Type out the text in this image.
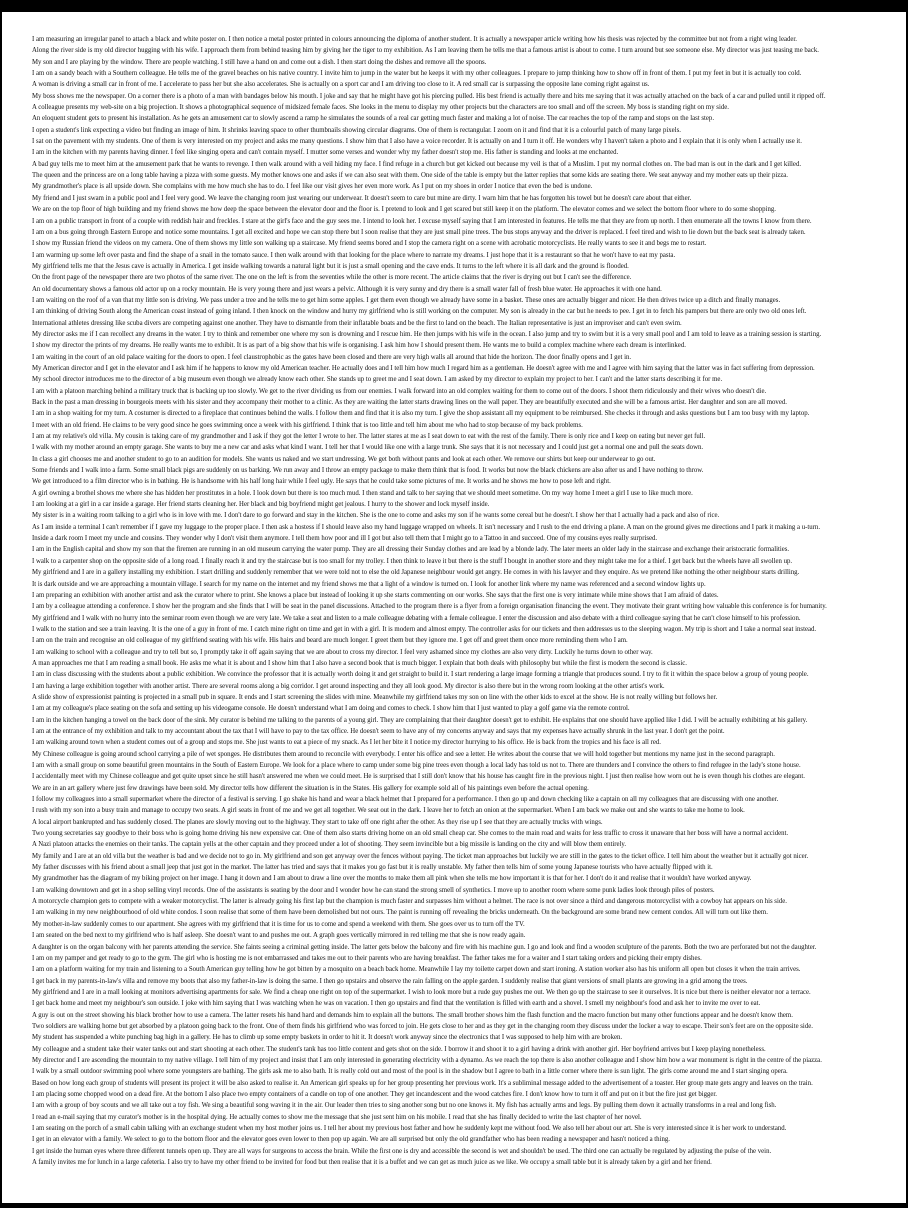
I am measuring an irregular panel to attach a black and white poster on. I then notice a metal poster printed in colours announcing the diploma of another student. It is actually a newspaper article writing how his thesis was rejected by the committee but not from a right wing leader.
Along the river side is my old director hugging with his wife. I approach them from behind teasing him by giving her the tiger to my exhibition. As I am leaving them he tells me that a famous artist is about to come. I turn around but see someone else. My director was just teasing me back.
My son and I are playing by the window. There are people watching. I still have a hand on and come out a dish. I then start doing the dishes and remove all the spoons.
I am on a sandy beach with a Southern colleague. He tells me of the gravel beaches on his native country. I invite him to jump in the water but he keeps it with my other colleagues. I prepare to jump thinking how to show off in front of them. I put my feet in but it is actually too cold.
A woman is driving a small car in front of me. I accelerate to pass her but she also accelerates. She is actually on a sport car and I am driving too close to it. A red small car is surpassing the opposite lane coming right against us.
My boss shows me the newspaper. On a corner there is a photo of a man with bandages below his mouth. I joke and say that he might have got his piercing pulled. His best friend is actually there and hits me saying that it was actually attached on the back of a car and pulled until it ripped off.
A colleague presents my web-site on a big projection. It shows a photographical sequence of midsized female faces. She looks in the menu to display my other projects but the characters are too small and off the screen. My boss is standing right on my side.
An eloquent student gets to present his installation. As he gets an amusement car to slowly ascend a ramp he simulates the sounds of a real car getting much faster and making a lot of noise. The car reaches the top of the ramp and stops on the last step.
I open a student's link expecting a video but finding an image of him. It shrinks leaving space to other thumbnails showing circular diagrams. One of them is rectangular. I zoom on it and find that it is a colourful patch of many large pixels.
I sat on the pavement with my students. One of them is very interested on my project and asks me many questions. I show him that I also have a voice recorder. It is actually on and I turn it off. He wonders why I haven't taken a photo and I explain that it is only when I actually use it.
I am in the kitchen with my parents having dinner. I feel like singing opera and can't contain myself. I mutter some verses and wonder why my father doesn't stop me. His father is standing and looks at me enchanted.
A bad guy tells me to meet him at the amusement park that he wants to revenge. I then walk around with a veil hiding my face. I find refuge in a church but get kicked out because my veil is that of a Muslim. I put my normal clothes on. The bad man is out in the dark and I get killed.
The queen and the princess are on a long table having a pizza with some guests. My mother knows one and asks if we can also seat with them. One side of the table is empty but the latter replies that some kids are seating there. We seat anyway and my mother eats up their pizza.
My grandmother's place is all upside down. She complains with me how much she has to do. I feel like our visit gives her even more work. As I put on my shoes in order I notice that even the bed is undone.
My friend and I just swam in a public pool and I feel very good. We leave the changing room just wearing our underwear. It doesn't seem to care but mine are dirty. I warn him that he has forgotten his towel but he doesn't care about that either.
We are on the top floor of high building and my friend shows me how deep the space between the elevator door and the floor is. I pretend to look and I get scared but still keep it on the platform. The elevator comes and we select the bottom floor where to do some shopping.
I am on a public transport in front of a couple with reddish hair and freckles. I stare at the girl's face and the guy sees me. I intend to look her. I excuse myself saying that I am interested in features. He tells me that they are from up north. I then enumerate all the towns I know from there.
I am on a bus going through Eastern Europe and notice some mountains. I get all excited and hope we can stop there but I soon realise that they are just small pine trees. The bus stops anyway and the driver is replaced. I feel tired and wish to lie down but the back seat is already taken.
I show my Russian friend the videos on my camera. One of them shows my little son walking up a staircase. My friend seems bored and I stop the camera right on a scene with acrobatic motorcyclists. He really wants to see it and begs me to restart.
I am warming up some left over pasta and find the shape of a snail in the tomato sauce. I then walk around with that looking for the place where to narrate my dreams. I just hope that it is a restaurant so that he won't have to eat my pasta.
My girlfriend tells me that the Jesus cave is actually in America. I get inside walking towards a natural light but it is just a small opening and the cave ends. It turns to the left where it is all dark and the ground is flooded.
On the front page of the newspaper there are two photos of the same river. The one on the left is from the seventies while the other is more recent. The article claims that the river is drying out but I can't see the difference.
An old documentary shows a famous old actor up on a rocky mountain. He is very young there and just wears a pelvic. Although it is very sunny and dry there is a small water fall of fresh blue water. He approaches it with one hand.
I am waiting on the roof of a van that my little son is driving. We pass under a tree and he tells me to get him some apples. I get them even though we already have some in a basket. These ones are actually bigger and nicer. He then drives twice up a ditch and finally manages.
I am thinking of driving South along the American coast instead of going inland. I then knock on the window and hurry my girlfriend who is still working on the computer. My son is already in the car but he needs to pee. I get in to fetch his pampers but there are only two old ones left.
International athletes dressing like scuba divers are competing against one another. They have to dismantle from their inflatable boats and be the first to land on the beach. The Italian representative is just an improviser and can't even swim.
My director asks me if I can recollect any dreams in the water. I try to think and remember one where my son is drowning and I rescue him. He then jumps with his wife in the ocean. I also jump and try to swim but it is a very small pool and I am told to leave as a training session is starting.
I show my director the prints of my dreams. He really wants me to exhibit. It is as part of a big show that his wife is organising. I ask him how I should present them. He wants me to build a complex machine where each dream is interlinked.
I am waiting in the court of an old palace waiting for the doors to open. I feel claustrophobic as the gates have been closed and there are very high walls all around that hide the horizon. The door finally opens and I get in.
My American director and I get in the elevator and I ask him if he happens to know my old American teacher. He actually does and I tell him how much I regard him as a gentleman. He doesn't agree with me and I agree with him saying that the latter was in fact suffering from depression.
My school director introduces me to the director of a big museum even though we already know each other. She stands up to greet me and I seat down. I am asked by my director to explain my project to her. I can't and the latter starts describing it for me.
I am with a platoon marching behind a military truck that is backing up too slowly. We get to the river dividing us from our enemies. I walk forward into an old complex waiting for them to come out of the doors. I shoot them ridiculously and their wives who doesn't die.
Back in the past a man dressing in bourgeois meets with his sister and they accompany their mother to a clinic. As they are waiting the latter starts drawing lines on the wall paper. They are beautifully executed and she will be a famous artist. Her daughter and son are all moved.
I am in a shop waiting for my turn. A costumer is directed to a fireplace that continues behind the walls. I follow them and find that it is also my turn. I give the shop assistant all my equipment to be reimbursed. She checks it through and asks questions but I am too busy with my laptop.
I meet with an old friend. He claims to be very good since he goes swimming once a week with his girlfriend. I think that is too little and tell him about me who had to stop because of my back problems.
I am at my relative's old villa. My cousin is taking care of my grandmother and I ask if they got the letter I wrote to her. The latter stares at me as I seat down to eat with the rest of the family. There is only rice and I keep on eating but never get full.
I walk with my mother around an empty garage. She wants to buy me a new car and asks what kind I want. I tell her that I would like one with a large trunk. She says that it is not necessary and I could just get a normal one and pull the seats down.
In class a girl chooses me and another student to go to an audition for models. She wants us naked and we start undressing. We get both without pants and look at each other. We remove our shirts but keep our underwear to go out.
Some friends and I walk into a farm. Some small black pigs are suddenly on us barking. We run away and I throw an empty package to make them think that is food. It works but now the black chickens are also after us and I have nothing to throw.
We get introduced to a film director who is in bathing. He is handsome with his half long hair while I feel ugly. He says that he could take some pictures of me. It works and he shows me how to pose left and right.
A girl owning a brothel shows me where she has hidden her prostitutes in a hole. I look down but there is too much mud. I then stand and talk to her saying that we should meet sometime. On my way home I meet a girl I use to like much more.
I am looking at a girl in a car inside a garage. Her friend starts cleaning her. Her black and big boyfriend might get jealous. I hurry to the shower and lock myself inside.
My sister is in a waiting room talking to a girl who is in love with me. I don't dare to go forward and stay in the kitchen. She is the one to come and asks my son if he wants some cereal but he doesn't. I show her that I actually had a pack and also of rice.
As I am inside a terminal I can't remember if I gave my luggage to the proper place. I then ask a hostess if I should leave also my hand luggage wrapped on wheels. It isn't necessary and I rush to the end driving a plane. A man on the ground gives me directions and I park it making a u-turn.
Inside a dark room I meet my uncle and cousins. They wonder why I don't visit them anymore. I tell them how poor and ill I got but also tell them that I might go to a Tattoo in and succeed. One of my cousins eyes really surprised.
I am in the English capital and show my son that the firemen are running in an old museum carrying the water pump. They are all dressing their Sunday clothes and are lead by a blonde lady. The later meets an older lady in the staircase and exchange their aristocratic formalities.
I walk to a carpenter shop on the opposite side of a long road. I finally reach it and try the staircase but is too small for my trolley. I then think to leave it but there is the stuff I bought in another store and they might take me for a thief. I get back but the wheels have all swollen up.
My girlfriend and I are in a gallery installing my exhibition. I start drilling and suddenly remember that we were told not to else the old Japanese neighbour would get angry. He comes in with his lawyer and they enquire. As we pretend like nothing the other neighbour starts drilling.
It is dark outside and we are approaching a mountain village. I search for my name on the internet and my friend shows me that a light of a window is turned on. I look for another link where my name was referenced and a second window lights up.
I am preparing an exhibition with another artist and ask the curator where to print. She knows a place but instead of looking it up she starts commenting on our works. She says that the first one is very intimate while mine shows that I am afraid of dates.
I am by a colleague attending a conference. I show her the program and she finds that I will be seat in the panel discussions. Attached to the program there is a flyer from a foreign organisation financing the event. They motivate their grant writing how valuable this conference is for humanity.
My girlfriend and I walk with no hurry into the seminar room even though we are very late. We take a seat and listen to a male colleague debating with a female colleague. I enter the discussion and also debate with a third colleague saying that he can't close himself to his profession.
I walk to the station and see a train leaving. It is the one of a guy in front of me. I catch mine right on time and get in with a girl. It is modern and almost empty. The controller asks for our tickets and then addresses us to the sleeping wagon. My trip is short and I take a normal seat instead.
I am on the train and recognise an old colleague of my girlfriend seating with his wife. His hairs and beard are much longer. I greet them but they ignore me. I get off and greet them once more reminding them who I am.
I am walking to school with a colleague and try to tell but so, I promptly take it off again saying that we are about to cross my director. I feel very ashamed since my clothes are also very dirty. Luckily he turns down to other way.
A man approaches me that I am reading a small book. He asks me what it is about and I show him that I also have a second book that is much bigger. I explain that both deals with philosophy but while the first is modern the second is classic.
I am in class discussing with the students about a public exhibition. We convince the professor that it is actually worth doing it and get straight to build it. I start rendering a large image forming a triangle that produces sound. I try to fit it within the space below a group of young people.
I am having a large exhibition together with another artist. There are several rooms along a big corridor. I get around inspecting and they all look good. My director is also there but in the wrong room looking at the other artist's work.
A slide show of expressionist painting is projected in a small pub in square. It ends and I start screening the slides with mine. Meanwhile my girlfriend takes my son on line with the other kids to excel at the show. He is not really willing but follows her.
I am at my colleague's place seating on the sofa and setting up his videogame console. He doesn't understand what I am doing and comes to check. I show him that I just wanted to play a golf game via the remote control.
I am in the kitchen hanging a towel on the back door of the sink. My curator is behind me talking to the parents of a young girl. They are complaining that their daughter doesn't get to exhibit. He explains that one should have applied like I did. I will be actually exhibiting at his gallery.
I am at the entrance of my exhibition and talk to my accountant about the tax that I will have to pay to the tax office. He doesn't seem to have any of my concerns anyway and says that my expenses have actually shrunk in the last year. I don't get the point.
I am walking around town when a student comes out of a group and stops me. She just wants to eat a piece of my snack. As I let her bite it I notice my director hurrying to his office. He is back from the tropics and his face is all red.
My Chinese colleague is going around school carrying a pile of wet sponges. He distributes them around to reconcile with everybody. I enter his office and see a letter. He writes about the course that we will hold together but mentions my name just in the second paragraph.
I am with a small group on some beautiful green mountains in the South of Eastern Europe. We look for a place where to camp under some big pine trees even though a local lady has told us not to. There are thunders and I convince the others to find refugee in the lady's stone house.
I accidentally meet with my Chinese colleague and get quite upset since he still hasn't answered me when we could meet. He is surprised that I still don't know that his house has caught fire in the previous night. I just then realise how worn out he is even though his clothes are elegant.
We are in an art gallery where just few drawings have been sold. My director tells how different the situation is in the States. His gallery for example sold all of his paintings even before the actual opening.
I follow my colleagues into a small supermarket where the director of a festival is serving. I go shake his hand and wear a black helmet that I prepared for a performance. I then go up and down checking like a captain on all my colleagues that are discussing with one another.
I rush with my son into a busy train and manage to occupy two seats. A girl seats in front of me and we get all together. We seat out in the dark. I leave her to fetch an onion at the supermarket. When I am back we make out and she wants to take me home to look.
A local airport bankrupted and has suddenly closed. The planes are slowly moving out to the highway. They start to take off one right after the other. As they rise up I see that they are actually trucks with wings.
Two young secretaries say goodbye to their boss who is going home driving his new expensive car. One of them also starts driving home on an old small cheap car. She comes to the main road and waits for less traffic to cross it unaware that her boss will have a normal accident.
A Nazi platoon attacks the enemies on their tanks. The captain yells at the other captain and they proceed under a lot of shooting. They seem invincible but a big missile is landing on the city and will blow them entirely.
My family and I are at an old villa but the weather is bad and we decide not to go in. My girlfriend and son get anyway over the fences without paying. The ticket man approaches but luckily we are still in the gates to the ticket office. I tell him about the weather but it actually got nicer.
My father discusses with his friend about a small jeep that just got in the market. The latter has tried and says that it makes you go fast but it is really unstable. My father then tells him of some young Japanese tourists who have actually flipped with it.
My grandmother has the diagram of my biking project on her image. I hang it down and I am about to draw a line over the months to make them all pink when she tells me how important it is that for her. I don't do it and realise that it wouldn't have worked anyway.
I am walking downtown and get in a shop selling vinyl records. One of the assistants is seating by the door and I wonder how he can stand the strong smell of synthetics. I move up to another room where some punk ladies look through piles of posters.
A motorcycle champion gets to compete with a weaker motorcyclist. The latter is already going his first lap but the champion is much faster and surpasses him without a helmet. The race is not over since a third and dangerous motorcyclist with a cowboy hat appears on his side.
I am walking in my new neighbourhood of old white condos. I soon realise that some of them have been demolished but not ours. The paint is running off revealing the bricks underneath. On the background are some brand new cement condos. All will turn out like them.
My mother-in-law suddenly comes to our apartment. She agrees with my girlfriend that it is time for us to come and spend a weekend with them. She goes over us to turn off the TV.
I am seated on the bed next to my girlfriend who is half asleep. She doesn't want to and pushes me out. A graph goes vertically mirrored in red telling me that she is now ready again.
A daughter is on the organ balcony with her parents attending the service. She faints seeing a criminal getting inside. The latter gets below the balcony and fire with his machine gun. I go and look and find a wooden sculpture of the parents. Both the two are perforated but not the daughter.
I am on my pamper and get ready to go to the gym. The girl who is hosting me is not embarrassed and takes me out to their parents who are having breakfast. The father takes me for a waiter and I start taking orders and picking their empty dishes.
I am on a platform waiting for my train and listening to a South American guy telling how he got bitten by a mosquito on a beach back home. Meanwhile I lay my toilette carpet down and start ironing. A station worker also has his uniform all open but closes it when the train arrives.
I get back in my parents-in-law's villa and remove my boots that also my father-in-law is doing the same. I then go upstairs and observe the rain falling on the apple garden. I suddenly realise that giant versions of small plants are growing in a grid among the trees.
My girlfriend and I are in a mall looking at monitors advertising apartments for sale. We find a cheap one right on top of the supermarket. I wish to look more but a rude guy pushes me out. We then go up the staircase to see it ourselves. It is nice but there is neither elevator nor a terrace.
I get back home and meet my neighbour's son outside. I joke with him saying that I was watching when he was on vacation. I then go upstairs and find that the ventilation is filled with earth and a shovel. I smell my neighbour's food and ask her to invite me over to eat.
A guy is out on the street showing his black brother how to use a camera. The latter resets his hand hard and demands him to explain all the buttons. The small brother shows him the flash function and the macro function but many other functions appear and he doesn't know them.
Two soldiers are walking home but get absorbed by a platoon going back to the front. One of them finds his girlfriend who was forced to join. He gets close to her and as they get in the changing room they discuss under the locker a way to escape. Their son's feet are on the opposite side.
My student has suspended a white punching bag high in a gallery. He has to climb up some empty baskets in order to hit it. It doesn't work anyway since the electronics that I was supposed to help him with are broken.
My colleague and a student take their water tanks out and start shooting at each other. The student's tank has too little content and gets shot on the side. I borrow it and shoot it to a girl having a drink with another girl. Her boyfriend arrives but I keep playing nonetheless.
My director and I are ascending the mountain to my native village. I tell him of my project and insist that I am only interested in generating electricity with a dynamo. As we reach the top there is also another colleague and I show him how a war monument is right in the centre of the piazza.
I walk by a small outdoor swimming pool where some youngsters are bathing. The girls ask me to also bath. It is really cold out and most of the pool is in the shadow but I agree to bath in a little corner where there is sun light. The girls come around me and I start singing opera.
Based on how long each group of students will present its project it will be also asked to realise it. An American girl speaks up for her group presenting her previous work. It's a subliminal message added to the advertisement of a toaster. Her group mate gets angry and leaves on the train.
I am placing some chopped wood on a dead fire. At the bottom I also place two empty containers of a candle on top of one another. They get incandescent and the wood catches fire. I don't know how to turn it off and put on it but the fire just get bigger.
I am with a group of boy scouts and we all take out a toy fish. We sing a beautiful song waving it in the air. Our leader then tries to sing another song but no one knows it. My fish has actually arms and legs. By pulling them down it actually transforms in a real and long fish.
I read an e-mail saying that my curator's mother is in the hospital dying. He actually comes to show me the message that she just sent him on his mobile. I read that she has finally decided to write the last chapter of her novel.
I am seating on the porch of a small cabin talking with an exchange student when my host mother joins us. I tell her about my previous host father and how he suddenly kept me without food. We also tell her about our art. She is very interested since it is her work to understand.
I get in an elevator with a family. We select to go to the bottom floor and the elevator goes even lower to then pop up again. We are all surprised but only the old grandfather who has been reading a newspaper and hasn't noticed a thing.
I get inside the human eyes where three different tunnels open up. They are all ways for surgeons to access the brain. While the first one is dry and accessible the second is wet and shouldn't be used. The third one can actually be regulated by adjusting the pulse of the vein.
A family invites me for lunch in a large cafeteria. I also try to have my other friend to be invited for food but then realise that it is a buffet and we can get as much juice as we like. We occupy a small table but it is already taken by a girl and her friend.
